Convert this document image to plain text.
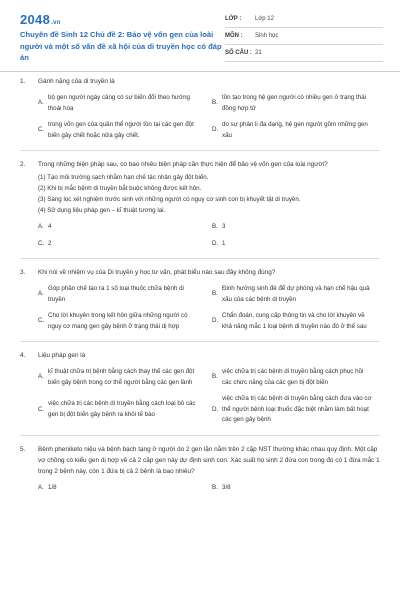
2048.vn
Chuyên đề Sinh 12 Chủ đề 2: Bảo vệ vốn gen của loài người và một số vấn đề xã hội của di truyền học có đáp án
LỚP :	Lớp 12
MÔN :	Sinh học
SỐ CÂU : 21
1.	Gánh nặng của di truyền là
A.
bộ gen người ngày càng có sự biến đổi theo hướng thoái hóa
B.
tồn tạo trong hệ gen người có nhiều gen ở trạng thái đồng hợp tử
C.
trong vốn gen của quần thể người tồn tại các gen đột biến gây chết hoặc nửa gây chết.
D.
do sự phân li đa dạng, hệ gen người gồm những gen xấu
2.	Trong những biện pháp sau, có bao nhiêu biện pháp cần thực hiện để bảo vệ vốn gen của loài người?
(1) Tạo môi trường sạch nhằm hạn chế tác nhân gây đột biến.
(2) Khi bị mắc bệnh di truyền bắt buộc không được kết hôn.
(3) Sàng lọc xét nghiệm trước sinh với những người có nguy cơ sinh con bị khuyết tật di truyền.
(4) Sử dụng liệu pháp gen – kĩ thuật tương lai.
A. 4	B. 3
C. 2	D. 1
3.	Khi nói về nhiệm vụ của Di truyền y học tư vấn, phát biểu nào sau đây không đúng?
A.
Góp phần chế tạo ra 1 số loại thuốc chữa bệnh di truyền
B.
Đinh hướng sinh đẻ để dự phòng và hạn chế hậu quả xấu của các bệnh di truyền
C.
Cho lời khuyên trong kết hôn giữa những người có nguy cơ mang gen gây bệnh ở trạng thái dị hợp
D.
Chẩn đoán, cung cấp thông tin và cho lời khuyên về khả năng mắc 1 loại bệnh di truyền nào đó ở thế sau
4.	Liệu pháp gen là
A.
kĩ thuật chữa trị bệnh bằng cách thay thế các gen đột biến gây bệnh trong cơ thể người bằng các gen lành
B.
việc chữa trị các bệnh di truyền bằng cách phục hồi các chức năng của các gen bị đột biến
C.
việc chữa trị các bệnh di truyền bằng cách loại bỏ các gen bị đột biến gây bệnh ra khỏi tế bào
D.
việc chữa trị các bệnh di truyền bằng cách đưa vào cơ thể người bệnh loại thuốc đặc biệt nhằm làm bất hoạt các gen gây bệnh
5.	Bệnh pheniketo niệu và bệnh bạch tạng ở người do 2 gen lặn nằm trên 2 cặp NST thường khác nhau quy định. Một cặp vợ chồng có kiểu gen dị hợp về cả 2 cặp gen này dự định sinh con. Xác suất họ sinh 2 đứa con trong đó có 1 đứa mắc 1 trong 2 bệnh này, còn 1 đứa bị cả 2 bệnh là bao nhiêu?
A. 1/8	B. 3/8
